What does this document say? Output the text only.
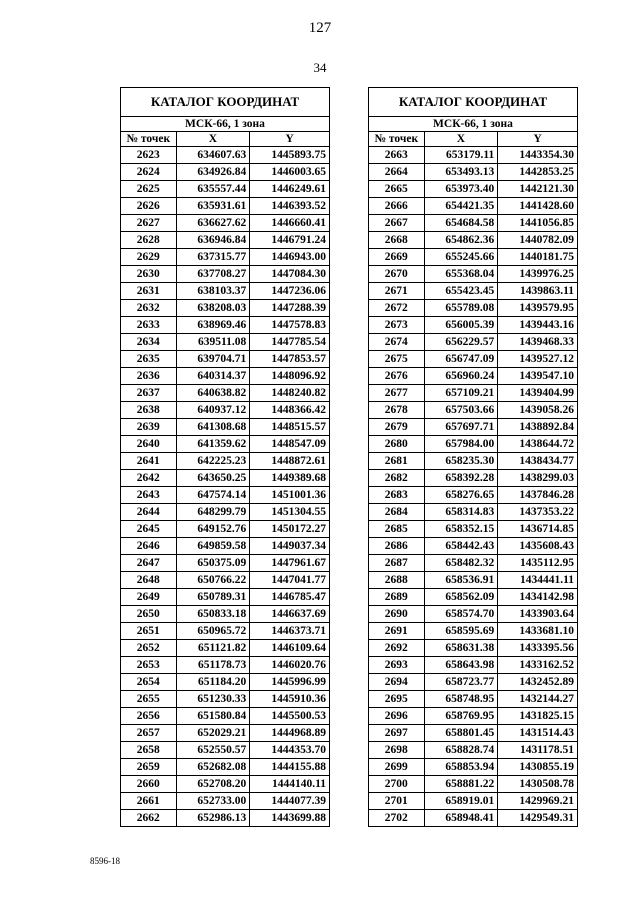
127
34
КАТАЛОГ КООРДИНАТ		
МСК-66, 1 зона		
№ точек	X	Y
2623	634607.63	1445893.75
2624	634926.84	1446003.65
2625	635557.44	1446249.61
2626	635931.61	1446393.52
2627	636627.62	1446660.41
2628	636946.84	1446791.24
2629	637315.77	1446943.00
2630	637708.27	1447084.30
2631	638103.37	1447236.06
2632	638208.03	1447288.39
2633	638969.46	1447578.83
2634	639511.08	1447785.54
2635	639704.71	1447853.57
2636	640314.37	1448096.92
2637	640638.82	1448240.82
2638	640937.12	1448366.42
2639	641308.68	1448515.57
2640	641359.62	1448547.09
2641	642225.23	1448872.61
2642	643650.25	1449389.68
2643	647574.14	1451001.36
2644	648299.79	1451304.55
2645	649152.76	1450172.27
2646	649859.58	1449037.34
2647	650375.09	1447961.67
2648	650766.22	1447041.77
2649	650789.31	1446785.47
2650	650833.18	1446637.69
2651	650965.72	1446373.71
2652	651121.82	1446109.64
2653	651178.73	1446020.76
2654	651184.20	1445996.99
2655	651230.33	1445910.36
2656	651580.84	1445500.53
2657	652029.21	1444968.89
2658	652550.57	1444353.70
2659	652682.08	1444155.88
2660	652708.20	1444140.11
2661	652733.00	1444077.39
2662	652986.13	1443699.88
КАТАЛОГ КООРДИНАТ		
МСК-66, 1 зона		
№ точек	X	Y
2663	653179.11	1443354.30
2664	653493.13	1442853.25
2665	653973.40	1442121.30
2666	654421.35	1441428.60
2667	654684.58	1441056.85
2668	654862.36	1440782.09
2669	655245.66	1440181.75
2670	655368.04	1439976.25
2671	655423.45	1439863.11
2672	655789.08	1439579.95
2673	656005.39	1439443.16
2674	656229.57	1439468.33
2675	656747.09	1439527.12
2676	656960.24	1439547.10
2677	657109.21	1439404.99
2678	657503.66	1439058.26
2679	657697.71	1438892.84
2680	657984.00	1438644.72
2681	658235.30	1438434.77
2682	658392.28	1438299.03
2683	658276.65	1437846.28
2684	658314.83	1437353.22
2685	658352.15	1436714.85
2686	658442.43	1435608.43
2687	658482.32	1435112.95
2688	658536.91	1434441.11
2689	658562.09	1434142.98
2690	658574.70	1433903.64
2691	658595.69	1433681.10
2692	658631.38	1433395.56
2693	658643.98	1433162.52
2694	658723.77	1432452.89
2695	658748.95	1432144.27
2696	658769.95	1431825.15
2697	658801.45	1431514.43
2698	658828.74	1431178.51
2699	658853.94	1430855.19
2700	658881.22	1430508.78
2701	658919.01	1429969.21
2702	658948.41	1429549.31
8596-18
